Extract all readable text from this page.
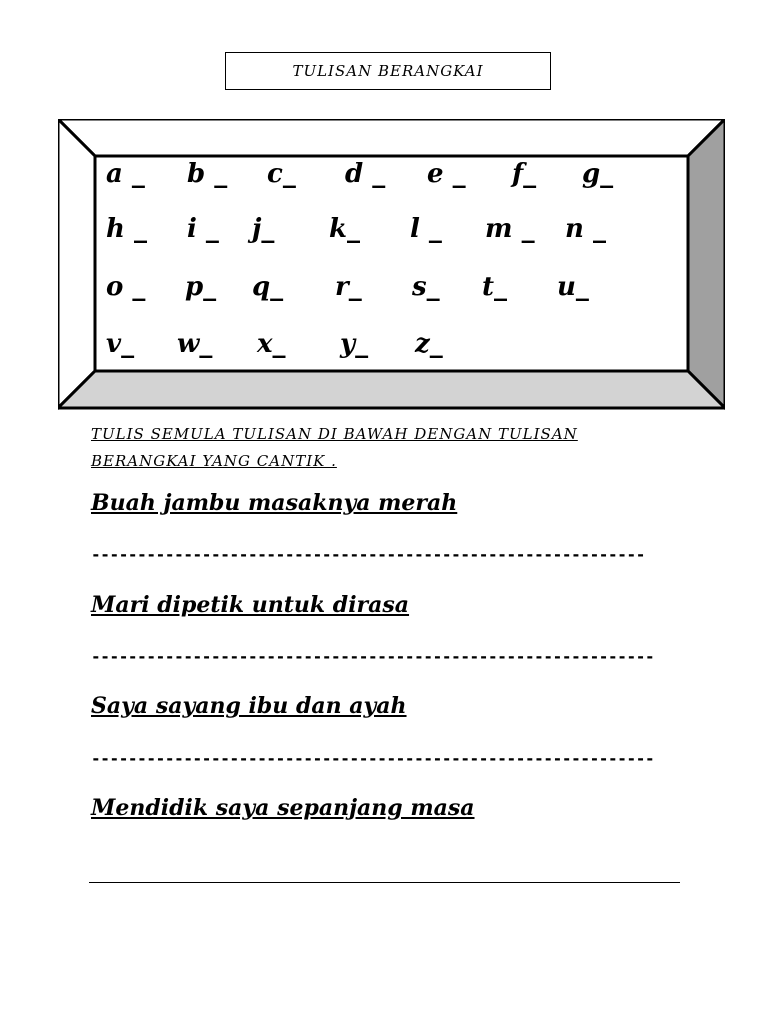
TULISAN BERANGKAI
a _ b _ c_ d _ e _ f_ g_
h _ i _ j_ k_ l _ m _ n _
o _ p_ q_ r_ s_ t_ u_
v_ w_ x_ y_ z_
TULIS SEMULA TULISAN DI BAWAH DENGAN TULISAN
BERANGKAI YANG CANTIK .
Buah jambu masaknya merah
------------------------------------------------------------
Mari dipetik untuk dirasa
-------------------------------------------------------------
Saya sayang ibu dan ayah
-------------------------------------------------------------
Mendidik saya sepanjang masa
